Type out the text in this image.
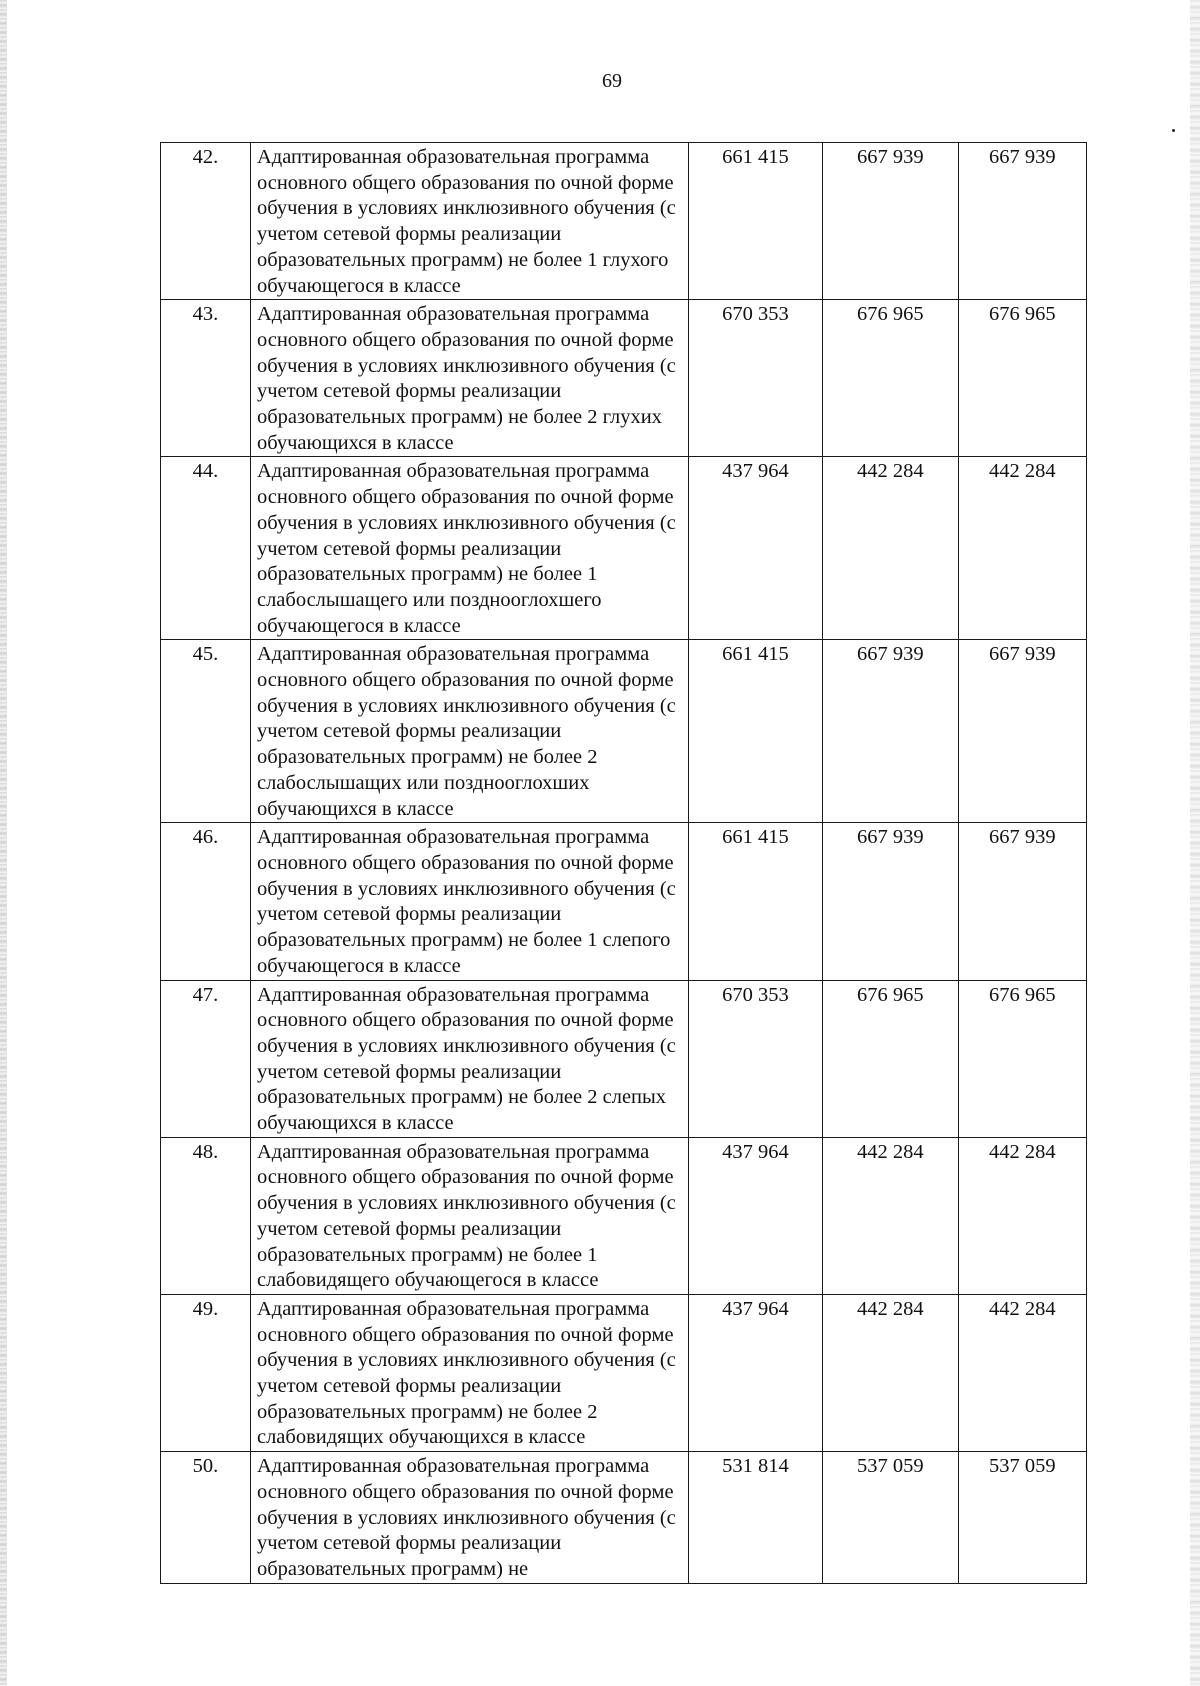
69
42.	Адаптированная образовательная программа основного общего образования по очной форме обучения в условиях инклюзивного обучения (с учетом сетевой формы реализации образовательных программ) не более 1 глухого обучающегося в классе	661 415	667 939	667 939
43.	Адаптированная образовательная программа основного общего образования по очной форме обучения в условиях инклюзивного обучения (с учетом сетевой формы реализации образовательных программ) не более 2 глухих обучающихся в классе	670 353	676 965	676 965
44.	Адаптированная образовательная программа основного общего образования по очной форме обучения в условиях инклюзивного обучения (с учетом сетевой формы реализации образовательных программ) не более 1 слабослышащего или позднооглохшего обучающегося в классе	437 964	442 284	442 284
45.	Адаптированная образовательная программа основного общего образования по очной форме обучения в условиях инклюзивного обучения (с учетом сетевой формы реализации образовательных программ) не более 2 слабослышащих или позднооглохших обучающихся в классе	661 415	667 939	667 939
46.	Адаптированная образовательная программа основного общего образования по очной форме обучения в условиях инклюзивного обучения (с учетом сетевой формы реализации образовательных программ) не более 1 слепого обучающегося в классе	661 415	667 939	667 939
47.	Адаптированная образовательная программа основного общего образования по очной форме обучения в условиях инклюзивного обучения (с учетом сетевой формы реализации образовательных программ) не более 2 слепых обучающихся в классе	670 353	676 965	676 965
48.	Адаптированная образовательная программа основного общего образования по очной форме обучения в условиях инклюзивного обучения (с учетом сетевой формы реализации образовательных программ) не более 1 слабовидящего обучающегося в классе	437 964	442 284	442 284
49.	Адаптированная образовательная программа основного общего образования по очной форме обучения в условиях инклюзивного обучения (с учетом сетевой формы реализации образовательных программ) не более 2 слабовидящих обучающихся в классе	437 964	442 284	442 284
50.	Адаптированная образовательная программа основного общего образования по очной форме обучения в условиях инклюзивного обучения (с учетом сетевой формы реализации образовательных программ) не	531 814	537 059	537 059
